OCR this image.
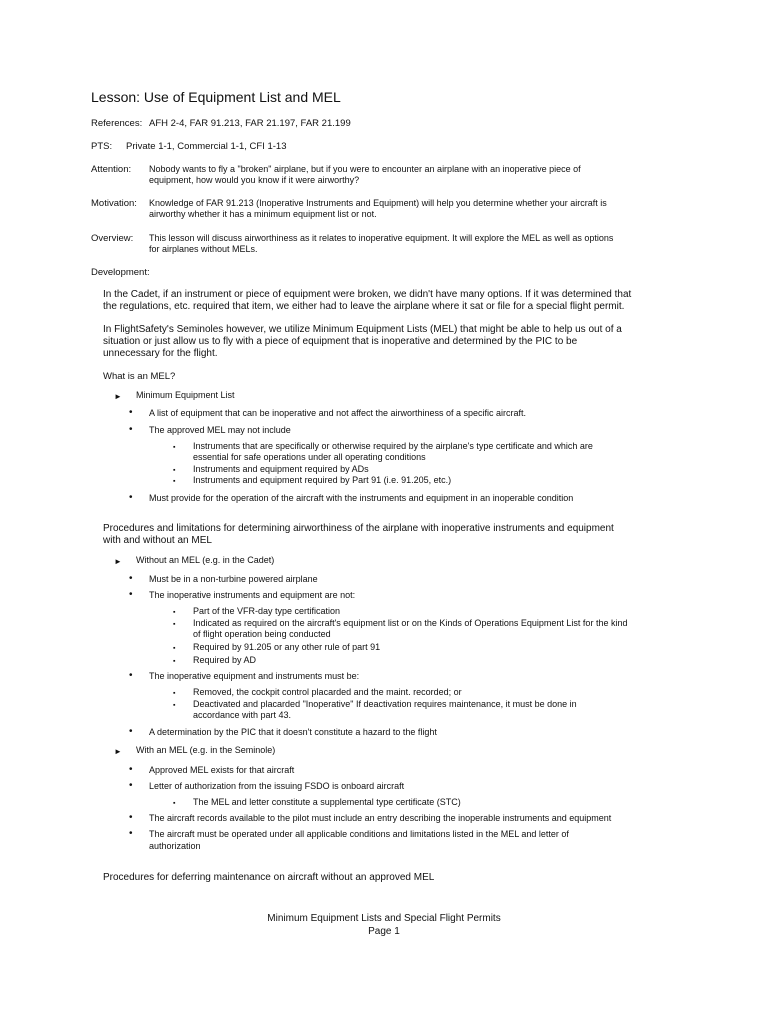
Lesson: Use of Equipment List and MEL
References: AFH 2-4, FAR 91.213, FAR 21.197, FAR 21.199
PTS: Private 1-1, Commercial 1-1, CFI 1-13
Attention: Nobody wants to fly a "broken" airplane, but if you were to encounter an airplane with an inoperative piece of
equipment, how would you know if it were airworthy?
Motivation: Knowledge of FAR 91.213 (Inoperative Instruments and Equipment) will help you determine whether your aircraft is
airworthy whether it has a minimum equipment list or not.
Overview: This lesson will discuss airworthiness as it relates to inoperative equipment. It will explore the MEL as well as options
for airplanes without MELs.
Development:
In the Cadet, if an instrument or piece of equipment were broken, we didn't have many options. If it was determined that
the regulations, etc. required that item, we either had to leave the airplane where it sat or file for a special flight permit.
In FlightSafety's Seminoles however, we utilize Minimum Equipment Lists (MEL) that might be able to help us out of a
situation or just allow us to fly with a piece of equipment that is inoperative and determined by the PIC to be
unnecessary for the flight.
What is an MEL?
► Minimum Equipment List
• A list of equipment that can be inoperative and not affect the airworthiness of a specific aircraft.
• The approved MEL may not include
▪ Instruments that are specifically or otherwise required by the airplane's type certificate and which are
essential for safe operations under all operating conditions
▪ Instruments and equipment required by ADs
▪ Instruments and equipment required by Part 91 (i.e. 91.205, etc.)
• Must provide for the operation of the aircraft with the instruments and equipment in an inoperable condition
Procedures and limitations for determining airworthiness of the airplane with inoperative instruments and equipment
with and without an MEL
► Without an MEL (e.g. in the Cadet)
• Must be in a non-turbine powered airplane
• The inoperative instruments and equipment are not:
▪ Part of the VFR-day type certification
▪ Indicated as required on the aircraft's equipment list or on the Kinds of Operations Equipment List for the kind
of flight operation being conducted
▪ Required by 91.205 or any other rule of part 91
▪ Required by AD
• The inoperative equipment and instruments must be:
▪ Removed, the cockpit control placarded and the maint. recorded; or
▪ Deactivated and placarded "Inoperative" If deactivation requires maintenance, it must be done in
accordance with part 43.
• A determination by the PIC that it doesn't constitute a hazard to the flight
► With an MEL (e.g. in the Seminole)
• Approved MEL exists for that aircraft
• Letter of authorization from the issuing FSDO is onboard aircraft
▪ The MEL and letter constitute a supplemental type certificate (STC)
• The aircraft records available to the pilot must include an entry describing the inoperable instruments and equipment
• The aircraft must be operated under all applicable conditions and limitations listed in the MEL and letter of
authorization
Procedures for deferring maintenance on aircraft without an approved MEL
Minimum Equipment Lists and Special Flight Permits
Page 1
